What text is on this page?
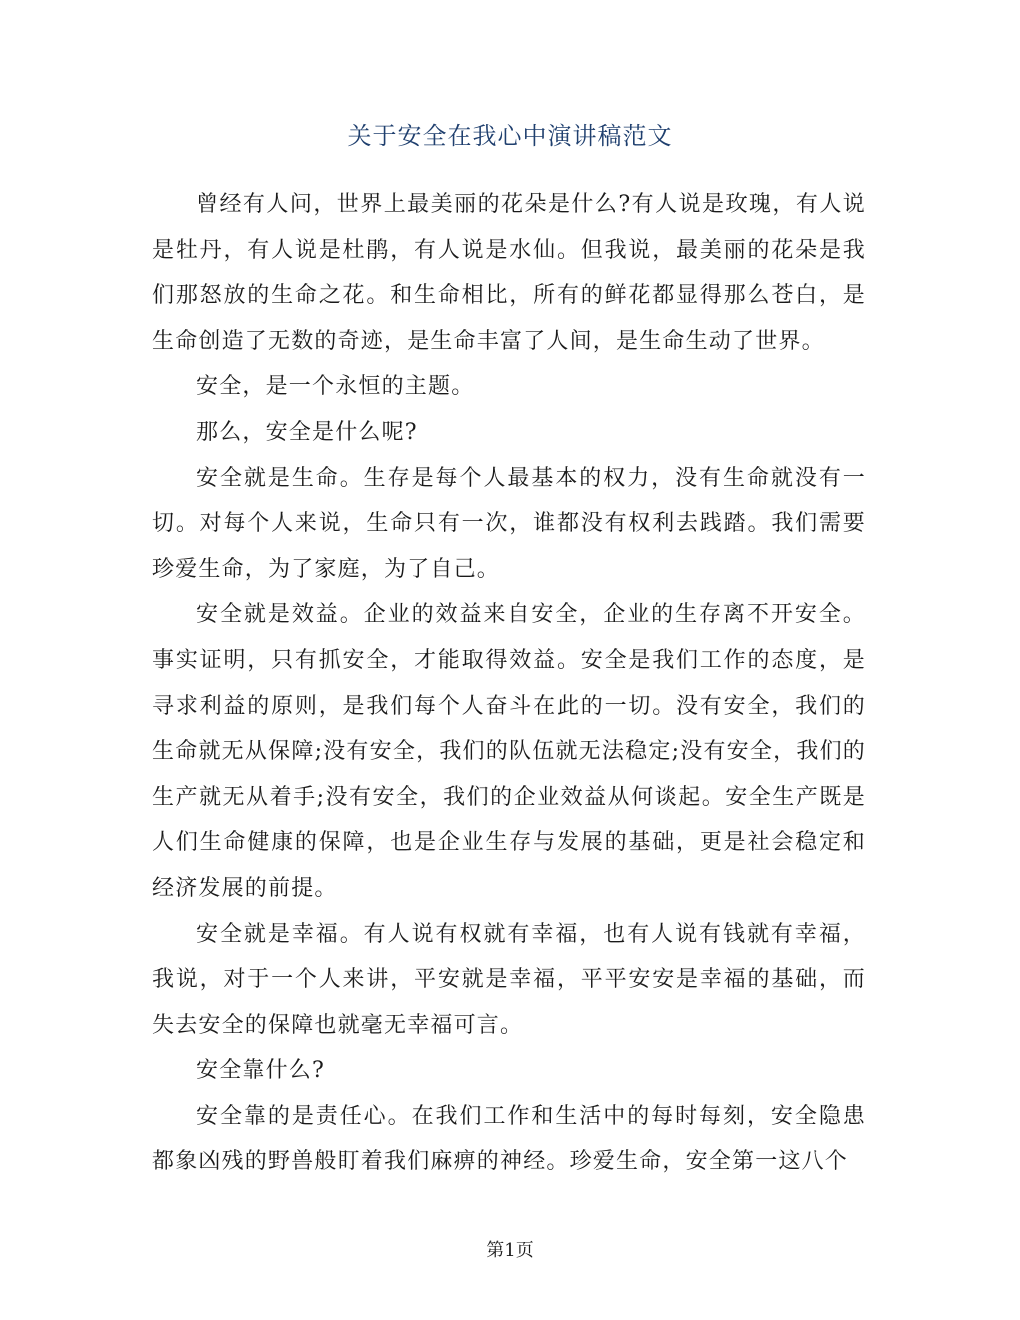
关于安全在我心中演讲稿范文

曾经有人问，世界上最美丽的花朵是什么?有人说是玫瑰，有人说是牡丹，有人说是杜鹃，有人说是水仙。但我说，最美丽的花朵是我们那怒放的生命之花。和生命相比，所有的鲜花都显得那么苍白，是生命创造了无数的奇迹，是生命丰富了人间，是生命生动了世界。

安全，是一个永恒的主题。

那么，安全是什么呢?

安全就是生命。生存是每个人最基本的权力，没有生命就没有一切。对每个人来说，生命只有一次，谁都没有权利去践踏。我们需要珍爱生命，为了家庭，为了自己。

安全就是效益。企业的效益来自安全，企业的生存离不开安全。事实证明，只有抓安全，才能取得效益。安全是我们工作的态度，是寻求利益的原则，是我们每个人奋斗在此的一切。没有安全，我们的生命就无从保障;没有安全，我们的队伍就无法稳定;没有安全，我们的生产就无从着手;没有安全，我们的企业效益从何谈起。安全生产既是人们生命健康的保障，也是企业生存与发展的基础，更是社会稳定和经济发展的前提。

安全就是幸福。有人说有权就有幸福，也有人说有钱就有幸福，我说，对于一个人来讲，平安就是幸福，平平安安是幸福的基础，而失去安全的保障也就毫无幸福可言。

安全靠什么?

安全靠的是责任心。在我们工作和生活中的每时每刻，安全隐患都象凶残的野兽般盯着我们麻痹的神经。珍爱生命，安全第一这八个

第1页
